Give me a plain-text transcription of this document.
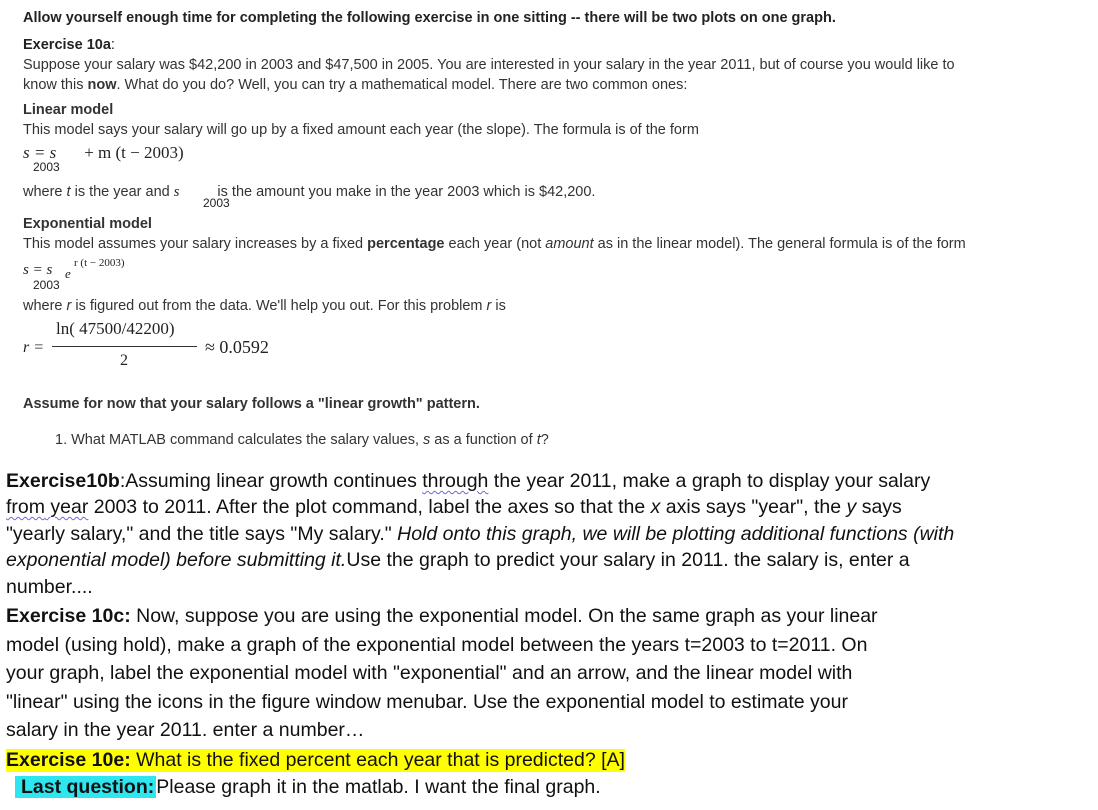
Allow yourself enough time for completing the following exercise in one sitting -- there will be two plots on one graph.
Exercise 10a:
Suppose your salary was $42,200 in 2003 and $47,500 in 2005. You are interested in your salary in the year 2011, but of course you would like to
know this now. What do you do? Well, you can try a mathematical model. There are two common ones:
Linear model
This model says your salary will go up by a fixed amount each year (the slope). The formula is of the form
s = s + m (t − 2003)
2003
where t is the year and s is the amount you make in the year 2003 which is $42,200.
2003
Exponential model
This model assumes your salary increases by a fixed percentage each year (not amount as in the linear model). The general formula is of the form
s = s
2003
e
r (t − 2003)
where r is figured out from the data. We'll help you out. For this problem r is
r =
ln( 47500/42200)
2
≈ 0.0592
Assume for now that your salary follows a "linear growth" pattern.
1. What MATLAB command calculates the salary values, s as a function of t?
Exercise10b:Assuming linear growth continues through the year 2011, make a graph to display your salary
from year 2003 to 2011. After the plot command, label the axes so that the x axis says "year", the y says
"yearly salary," and the title says "My salary." Hold onto this graph, we will be plotting additional functions (with
exponential model) before submitting it.Use the graph to predict your salary in 2011. the salary is, enter a
number....
Exercise 10c: Now, suppose you are using the exponential model. On the same graph as your linear
model (using hold), make a graph of the exponential model between the years t=2003 to t=2011. On
your graph, label the exponential model with "exponential" and an arrow, and the linear model with
"linear" using the icons in the figure window menubar. Use the exponential model to estimate your
salary in the year 2011. enter a number…
Exercise 10e: What is the fixed percent each year that is predicted? [A]
Last question: Please graph it in the matlab. I want the final graph.
